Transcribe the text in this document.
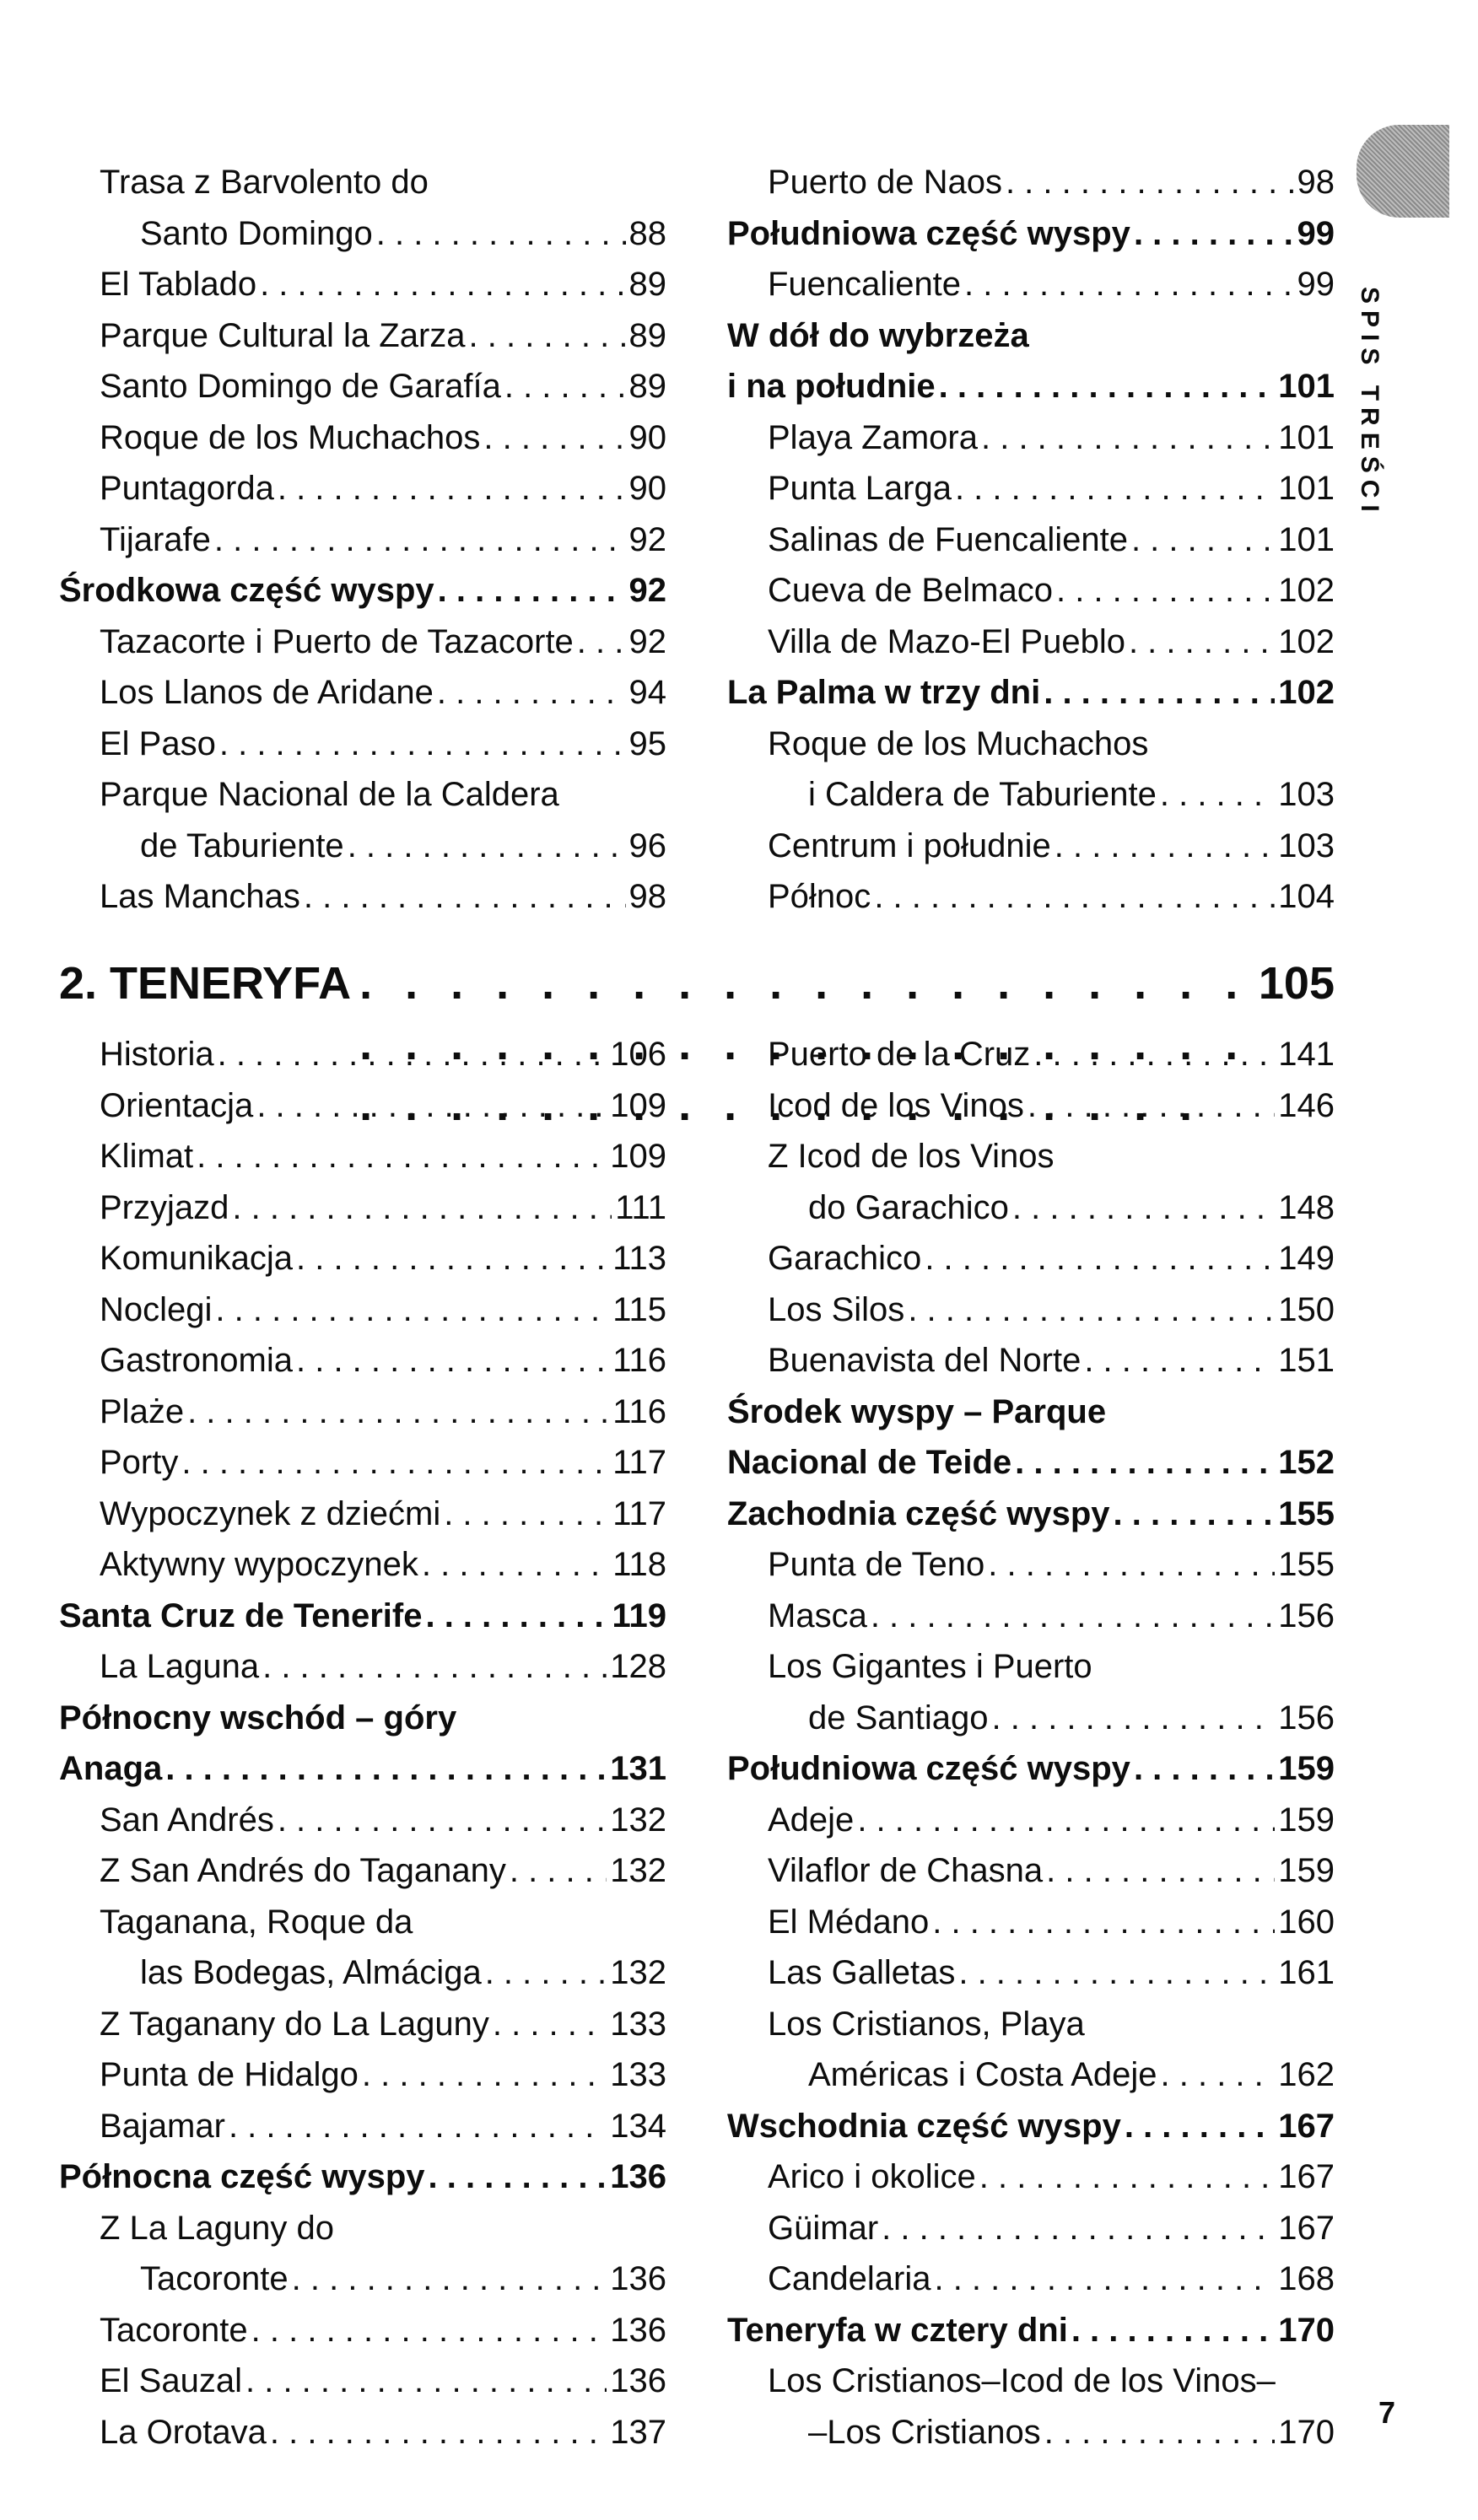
SPIS TREŚCI
Trasa z Barvolento do
Santo Domingo . . .	88
El Tablado . . .	89
Parque Cultural la Zarza . . .	89
Santo Domingo de Garafía . . .	89
Roque de los Muchachos . . .	90
Puntagorda . . .	90
Tijarafe . . .	92
Środkowa część wyspy . . .	92
Tazacorte i Puerto de Tazacorte . . . 92
Los Llanos de Aridane . . .	94
El Paso . . .	95
Parque Nacional de la Caldera
de Taburiente . . .	96
Las Manchas . . .	98
Puerto de Naos . . .	98
Południowa część wyspy . . .	99
Fuencaliente . . .	99
W dół do wybrzeża
i na południe . . .	101
Playa Zamora . . .	101
Punta Larga . . .	101
Salinas de Fuencaliente . . .	101
Cueva de Belmaco . . .	102
Villa de Mazo-El Pueblo . . .	102
La Palma w trzy dni . . .	102
Roque de los Muchachos
i Caldera de Taburiente . . .	103
Centrum i południe . . .	103
Północ . . .	104
2. TENERYFA . . .	105
Historia . . .	106
Orientacja . . .	109
Klimat . . .	109
Przyjazd . . .	111
Komunikacja . . .	113
Noclegi . . .	115
Gastronomia . . .	116
Plaże . . .	116
Porty . . .	117
Wypoczynek z dziećmi . . .	117
Aktywny wypoczynek . . .	118
Santa Cruz de Tenerife . . .	119
La Laguna . . .	128
Północny wschód – góry
Anaga . . .	131
San Andrés . . .	132
Z San Andrés do Taganany . . .	132
Taganana, Roque da
las Bodegas, Almáciga . . .	132
Z Taganany do La Laguny . . .	133
Punta de Hidalgo . . .	133
Bajamar . . .	134
Północna część wyspy . . .	136
Z La Laguny do
Tacoronte . . .	136
Tacoronte . . .	136
El Sauzal . . .	136
La Orotava . . .	137
Puerto de la Cruz . . .	141
Icod de los Vinos . . .	146
Z Icod de los Vinos
do Garachico . . .	148
Garachico . . .	149
Los Silos . . .	150
Buenavista del Norte . . .	151
Środek wyspy – Parque
Nacional de Teide . . .	152
Zachodnia część wyspy . . .	155
Punta de Teno . . .	155
Masca . . .	156
Los Gigantes i Puerto
de Santiago . . .	156
Południowa część wyspy . . .	159
Adeje . . .	159
Vilaflor de Chasna . . .	159
El Médano . . .	160
Las Galletas . . .	161
Los Cristianos, Playa
Américas i Costa Adeje . . .	162
Wschodnia część wyspy . . .	167
Arico i okolice . . .	167
Güimar . . .	167
Candelaria . . .	168
Teneryfa w cztery dni . . .	170
Los Cristianos–Icod de los Vinos–
–Los Cristianos . . .	170
7
